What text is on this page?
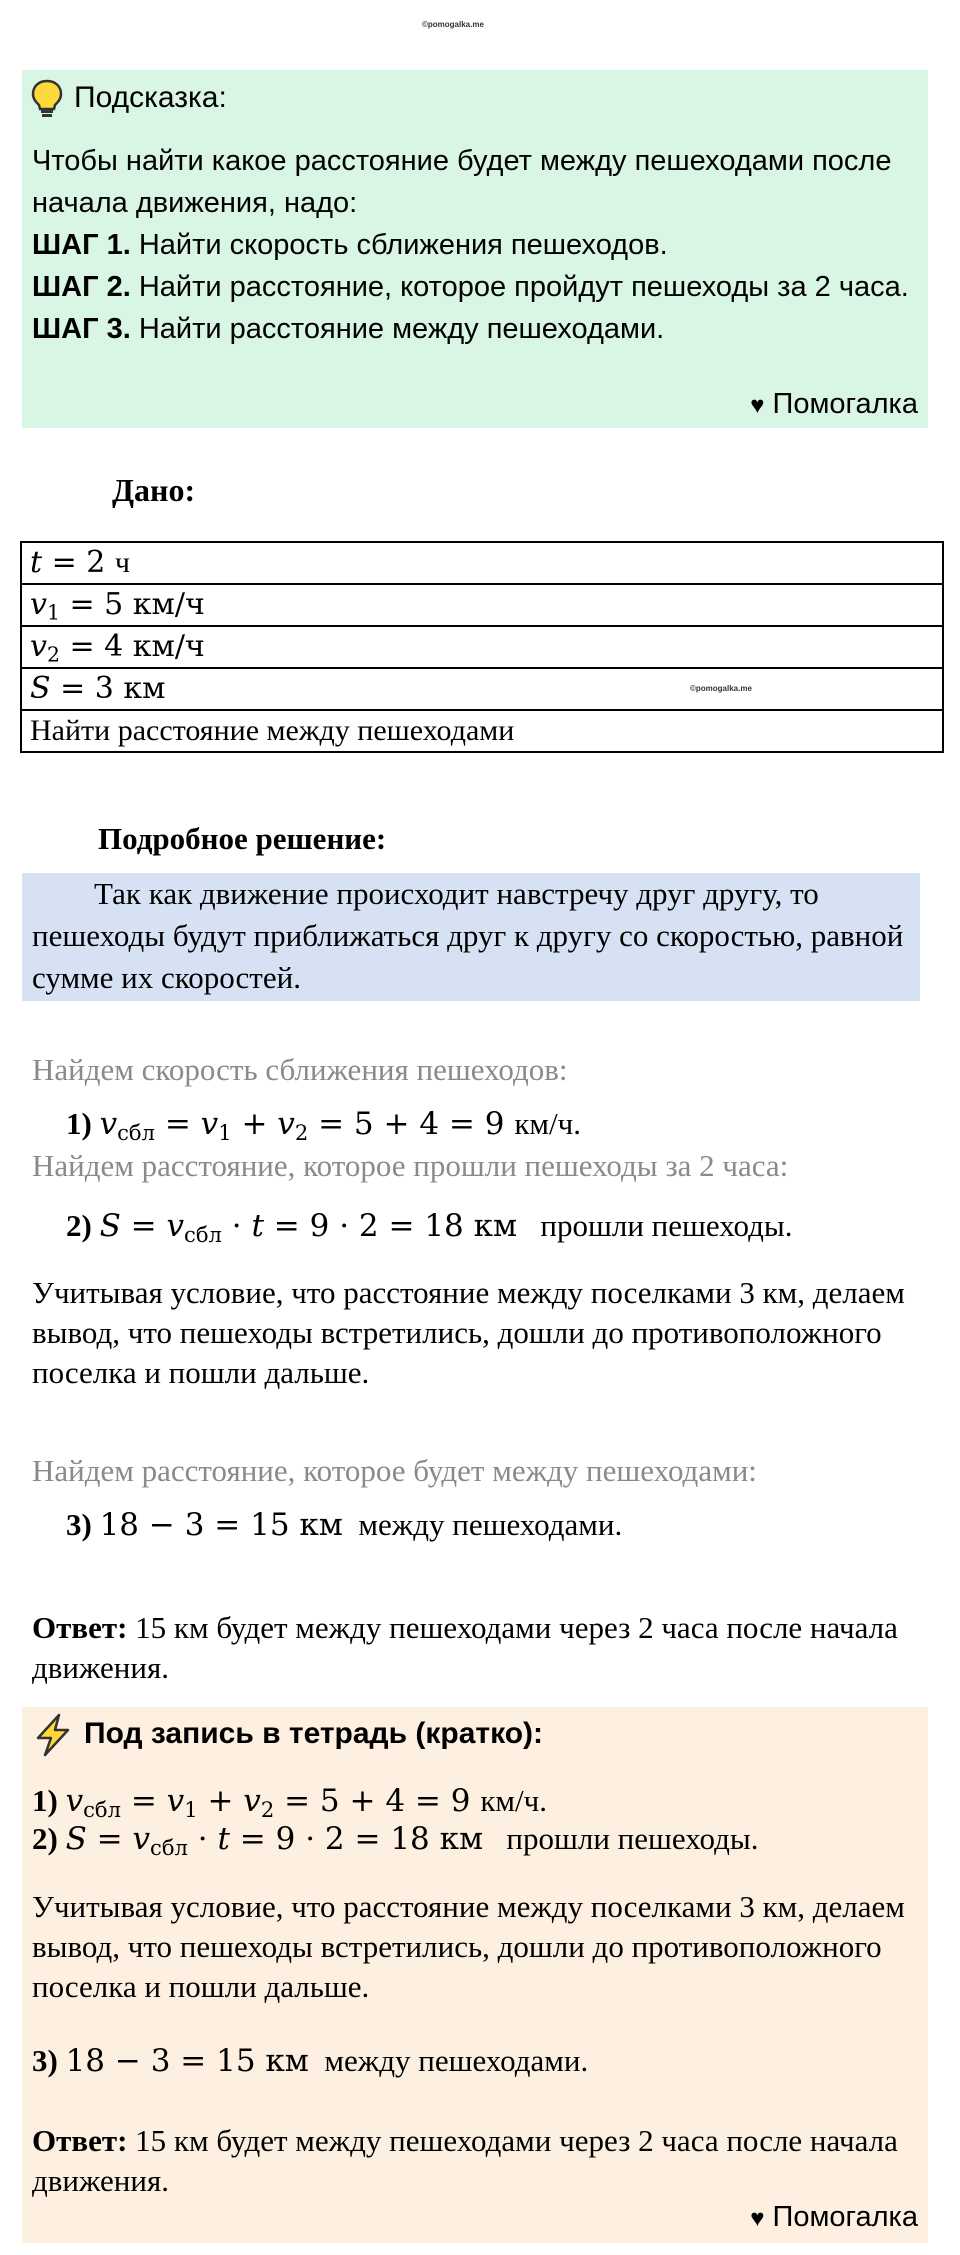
©pomogalka.me
Подсказка:
Чтобы найти какое расстояние будет между пешеходами после начала движения, надо:
ШАГ 1. Найти скорость сближения пешеходов.
ШАГ 2. Найти расстояние, которое пройдут пешеходы за 2 часа.
ШАГ 3. Найти расстояние между пешеходами.
♥ Помогалка
Дано:
t = 2 ч
$v_1 = 5$ км/ч
$v_2 = 4$ км/ч
S = 3 км	©pomogalka.me

Найти расстояние между пешеходами
Подробное решение:
Так как движение происходит навстречу друг другу, то пешеходы будут приближаться друг к другу со скоростью, равной сумме их скоростей.
Найдем скорость сближения пешеходов:
1) $v_{сбл} = v_1 + v_2 = 5 + 4 = 9$ км/ч.
Найдем расстояние, которое прошли пешеходы за 2 часа:
2) $S = v_{сбл} \cdot t = 9 \cdot 2 = 18$ км прошли пешеходы.
Учитывая условие, что расстояние между поселками 3 км, делаем вывод, что пешеходы встретились, дошли до противоположного поселка и пошли дальше.
Найдем расстояние, которое будет между пешеходами:
3) 18 − 3 = 15 км между пешеходами.
Ответ: 15 км будет между пешеходами через 2 часа после начала движения.
Под запись в тетрадь (кратко):
1) $v_{сбл} = v_1 + v_2 = 5 + 4 = 9$ км/ч.
2) $S = v_{сбл} \cdot t = 9 \cdot 2 = 18$ км прошли пешеходы.
Учитывая условие, что расстояние между поселками 3 км, делаем вывод, что пешеходы встретились, дошли до противоположного поселка и пошли дальше.
3) 18 − 3 = 15 км между пешеходами.
Ответ: 15 км будет между пешеходами через 2 часа после начала движения.
♥ Помогалка
